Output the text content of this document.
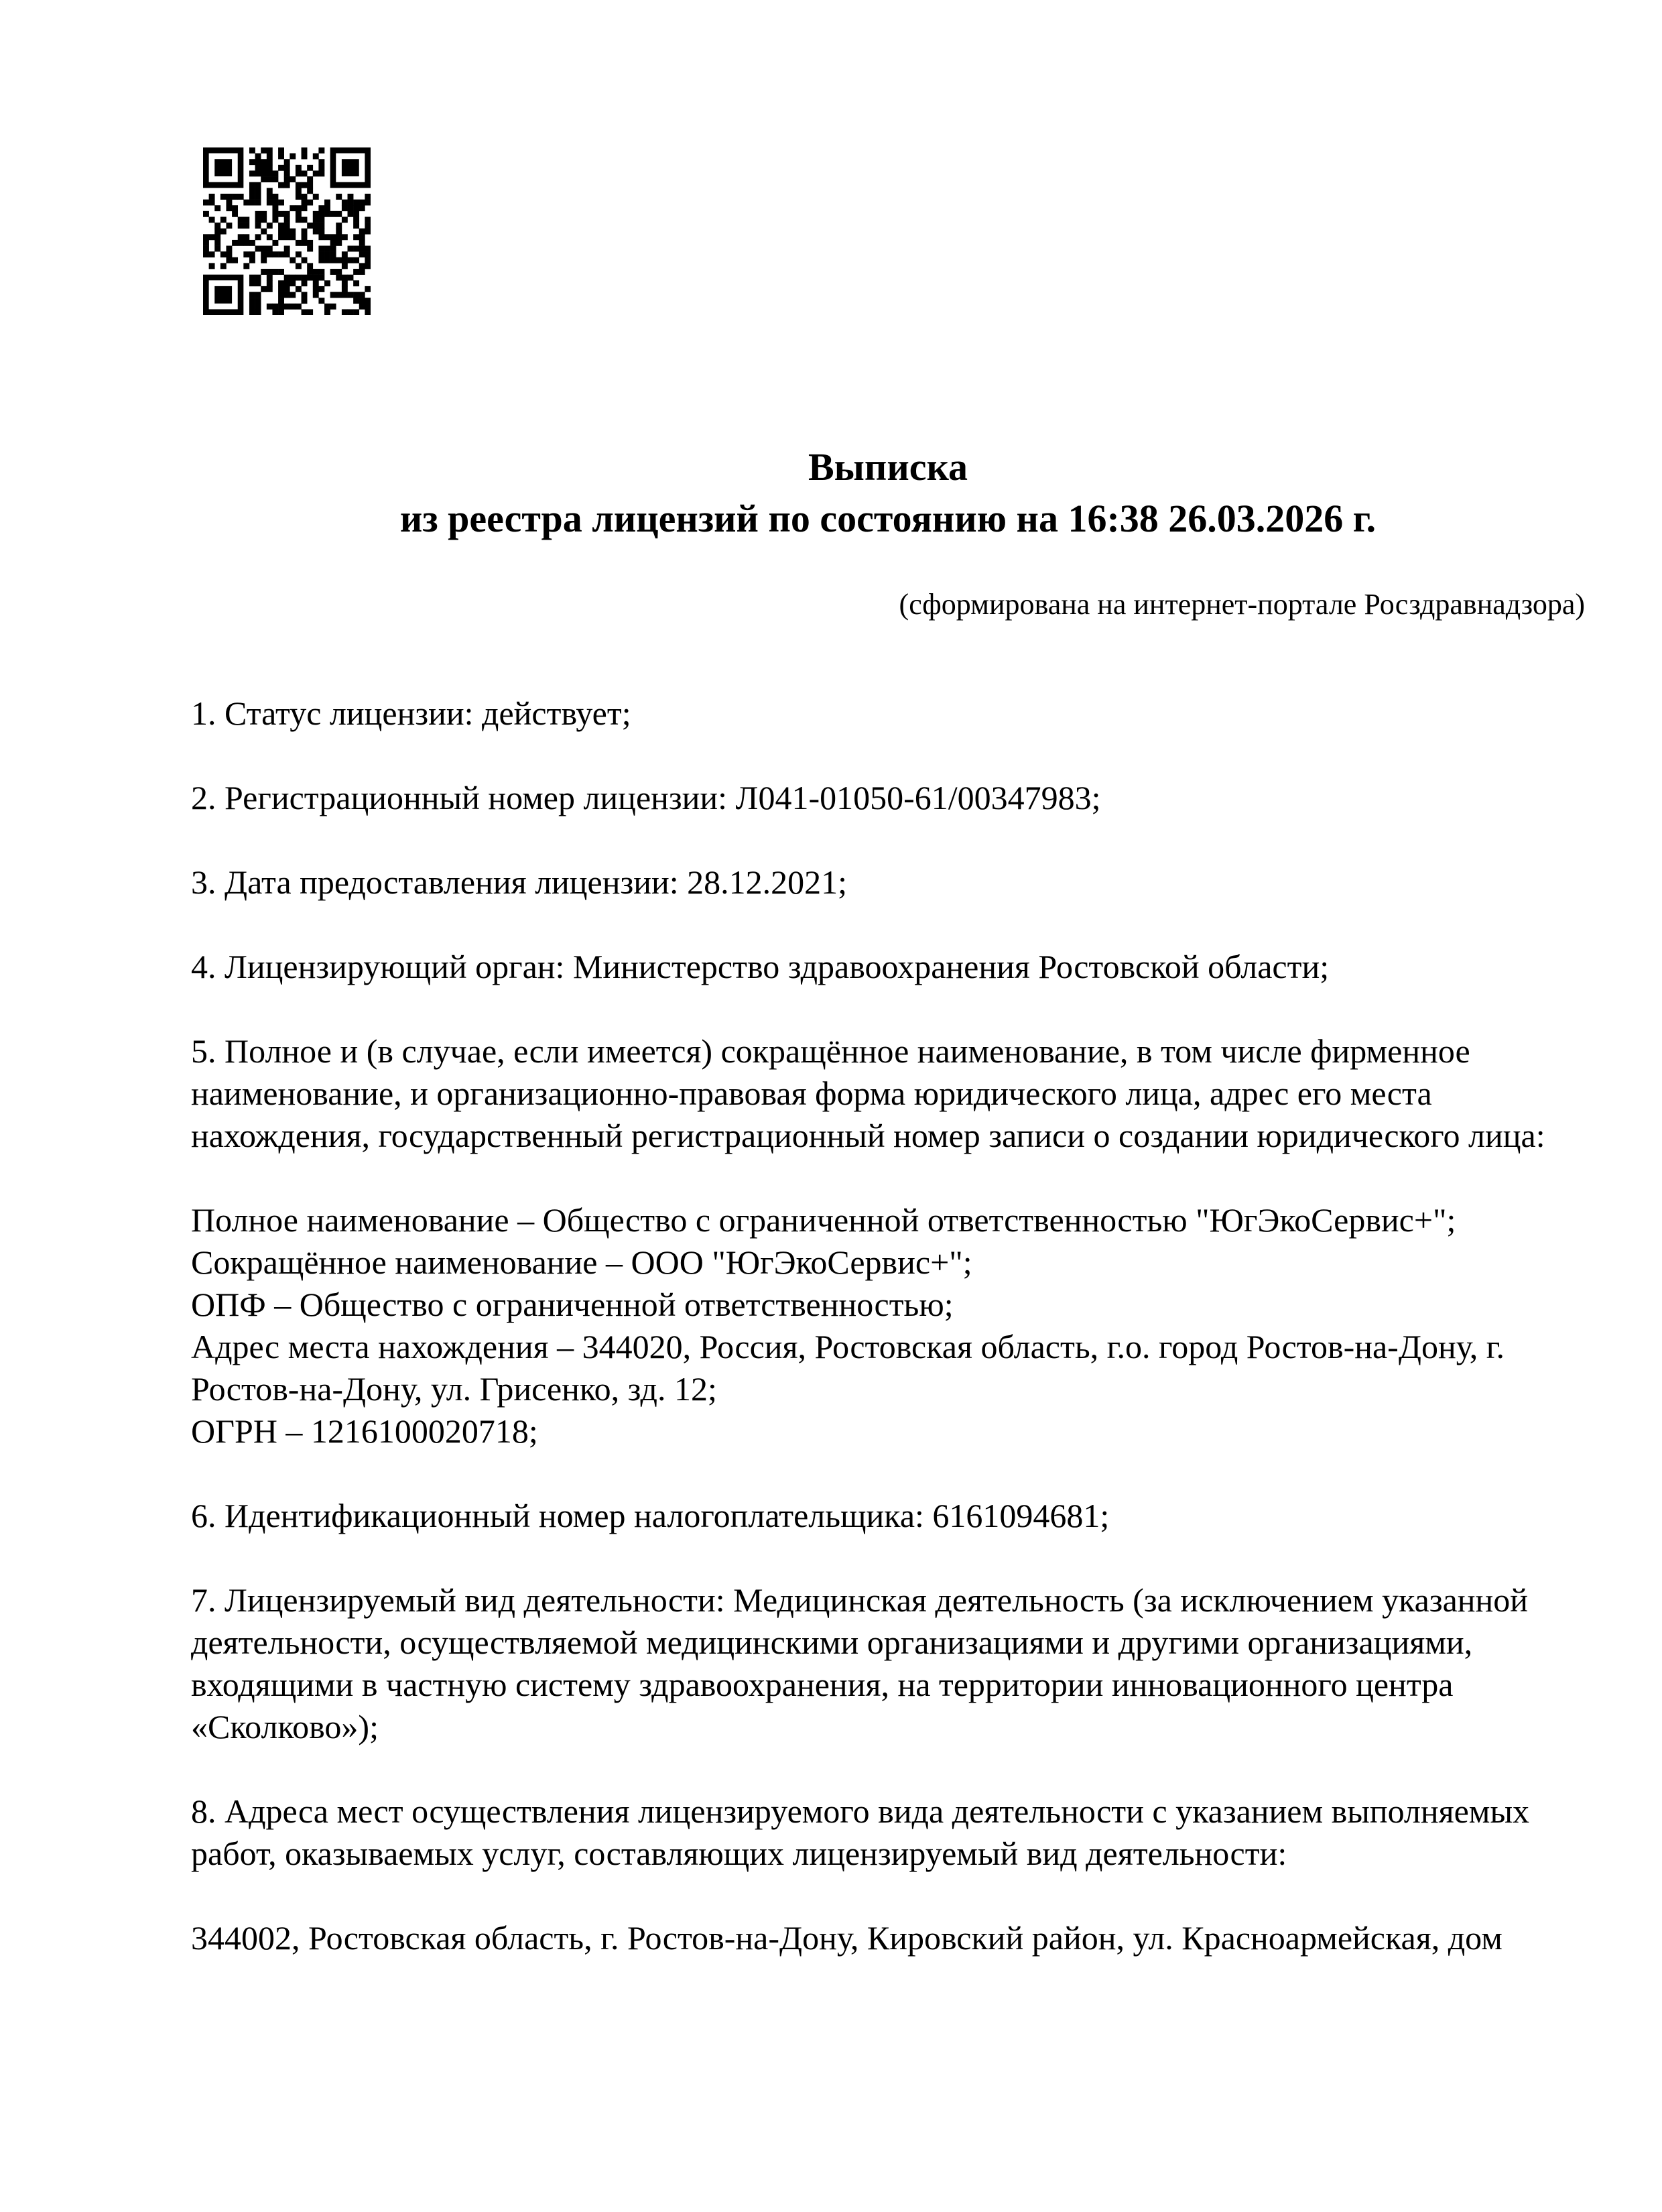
Выписка
из реестра лицензий по состоянию на 16:38 26.03.2026 г.
(сформирована на интернет-портале Росздравнадзора)
1. Статус лицензии: действует;
2. Регистрационный номер лицензии: Л041-01050-61/00347983;
3. Дата предоставления лицензии: 28.12.2021;
4. Лицензирующий орган: Министерство здравоохранения Ростовской области;
5. Полное и (в случае, если имеется) сокращённое наименование, в том числе фирменное наименование, и организационно-правовая форма юридического лица, адрес его места нахождения, государственный регистрационный номер записи о создании юридического лица:
Полное наименование – Общество с ограниченной ответственностью "ЮгЭкоСервис+";
Сокращённое наименование – ООО "ЮгЭкоСервис+";
ОПФ – Общество с ограниченной ответственностью;
Адрес места нахождения – 344020, Россия, Ростовская область, г.о. город Ростов-на-Дону, г. Ростов-на-Дону, ул. Грисенко, зд. 12;
ОГРН – 1216100020718;
6. Идентификационный номер налогоплательщика: 6161094681;
7. Лицензируемый вид деятельности: Медицинская деятельность (за исключением указанной деятельности, осуществляемой медицинскими организациями и другими организациями, входящими в частную систему здравоохранения, на территории инновационного центра «Сколково»);
8. Адреса мест осуществления лицензируемого вида деятельности с указанием выполняемых работ, оказываемых услуг, составляющих лицензируемый вид деятельности:
344002, Ростовская область, г. Ростов-на-Дону, Кировский район, ул. Красноармейская, дом
